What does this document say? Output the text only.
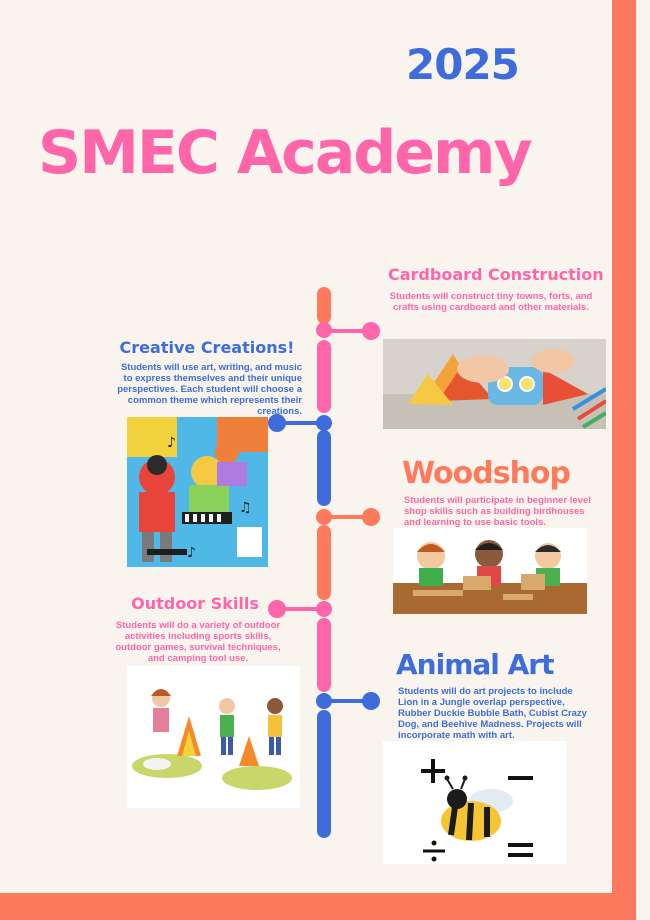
2025
SMEC Academy
Cardboard Construction
Students will construct tiny towns, forts, and crafts using cardboard and other materials.
Creative Creations!
Students will use art, writing, and music to express themselves and their unique perspectives. Each student will choose a common theme which represents their creations.
♪
♫
♪
Woodshop
Students will participate in beginner level shop skills such as building birdhouses and learning to use basic tools.
Outdoor Skills
Students will do a variety of outdoor activities including sports skills, outdoor games, survival techniques, and camping tool use.	Animal Art
Students will do art projects to include Lion in a Jungle overlap perspective, Rubber Duckie Bubble Bath, Cubist Crazy Dog, and Beehive Madness. Projects will incorporate math with art.
